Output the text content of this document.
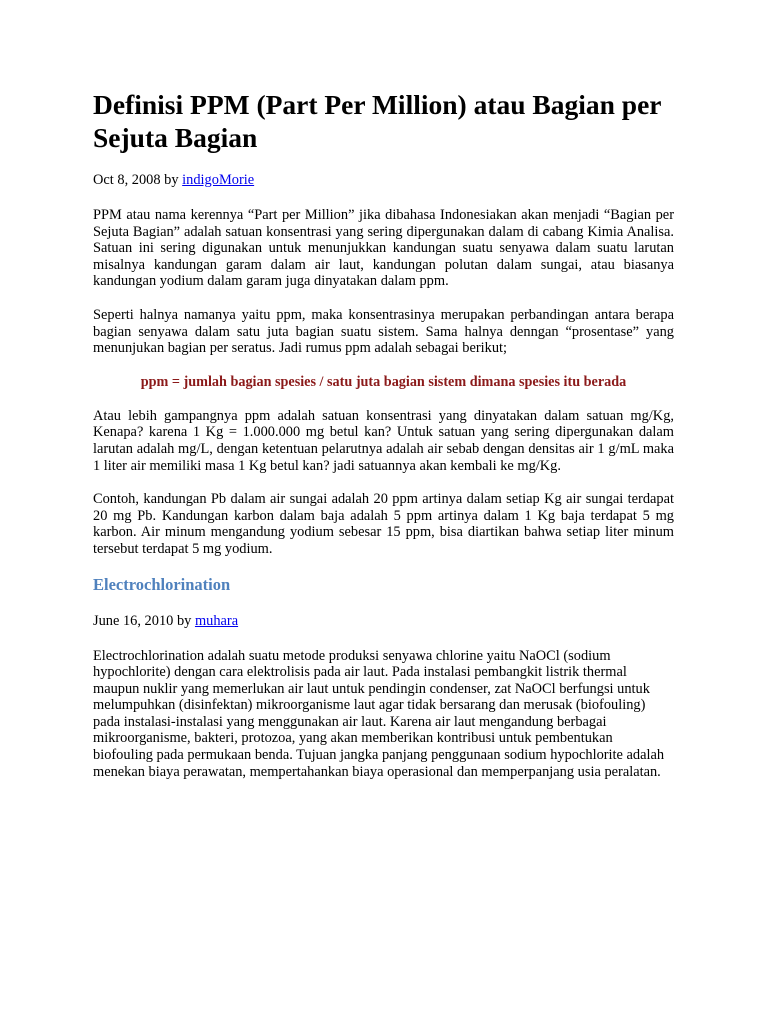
Definisi PPM (Part Per Million) atau Bagian per Sejuta Bagian
Oct 8, 2008 by indigoMorie

PPM atau nama kerennya “Part per Million” jika dibahasa Indonesiakan akan menjadi “Bagian per Sejuta Bagian” adalah satuan konsentrasi yang sering dipergunakan dalam di cabang Kimia Analisa. Satuan ini sering digunakan untuk menunjukkan kandungan suatu senyawa dalam suatu larutan misalnya kandungan garam dalam air laut, kandungan polutan dalam sungai, atau biasanya kandungan yodium dalam garam juga dinyatakan dalam ppm.

Seperti halnya namanya yaitu ppm, maka konsentrasinya merupakan perbandingan antara berapa bagian senyawa dalam satu juta bagian suatu sistem. Sama halnya denngan “prosentase” yang menunjukan bagian per seratus. Jadi rumus ppm adalah sebagai berikut;

ppm = jumlah bagian spesies / satu juta bagian sistem dimana spesies itu berada

Atau lebih gampangnya ppm adalah satuan konsentrasi yang dinyatakan dalam satuan mg/Kg, Kenapa? karena 1 Kg = 1.000.000 mg betul kan? Untuk satuan yang sering dipergunakan dalam larutan adalah mg/L, dengan ketentuan pelarutnya adalah air sebab dengan densitas air 1 g/mL maka 1 liter air memiliki masa 1 Kg betul kan? jadi satuannya akan kembali ke mg/Kg.

Contoh, kandungan Pb dalam air sungai adalah 20 ppm artinya dalam setiap Kg air sungai terdapat 20 mg Pb. Kandungan karbon dalam baja adalah 5 ppm artinya dalam 1 Kg baja terdapat 5 mg karbon. Air minum mengandung yodium sebesar 15 ppm, bisa diartikan bahwa setiap liter minum tersebut terdapat 5 mg yodium.

Electrochlorination
June 16, 2010 by muhara

Electrochlorination adalah suatu metode produksi senyawa chlorine yaitu NaOCl (sodium hypochlorite) dengan cara elektrolisis pada air laut. Pada instalasi pembangkit listrik thermal maupun nuklir yang memerlukan air laut untuk pendingin condenser, zat NaOCl berfungsi untuk melumpuhkan (disinfektan) mikroorganisme laut agar tidak bersarang dan merusak (biofouling) pada instalasi-instalasi yang menggunakan air laut. Karena air laut mengandung berbagai mikroorganisme, bakteri, protozoa, yang akan memberikan kontribusi untuk pembentukan biofouling pada permukaan benda. Tujuan jangka panjang penggunaan sodium hypochlorite adalah menekan biaya perawatan, mempertahankan biaya operasional dan memperpanjang usia peralatan.
